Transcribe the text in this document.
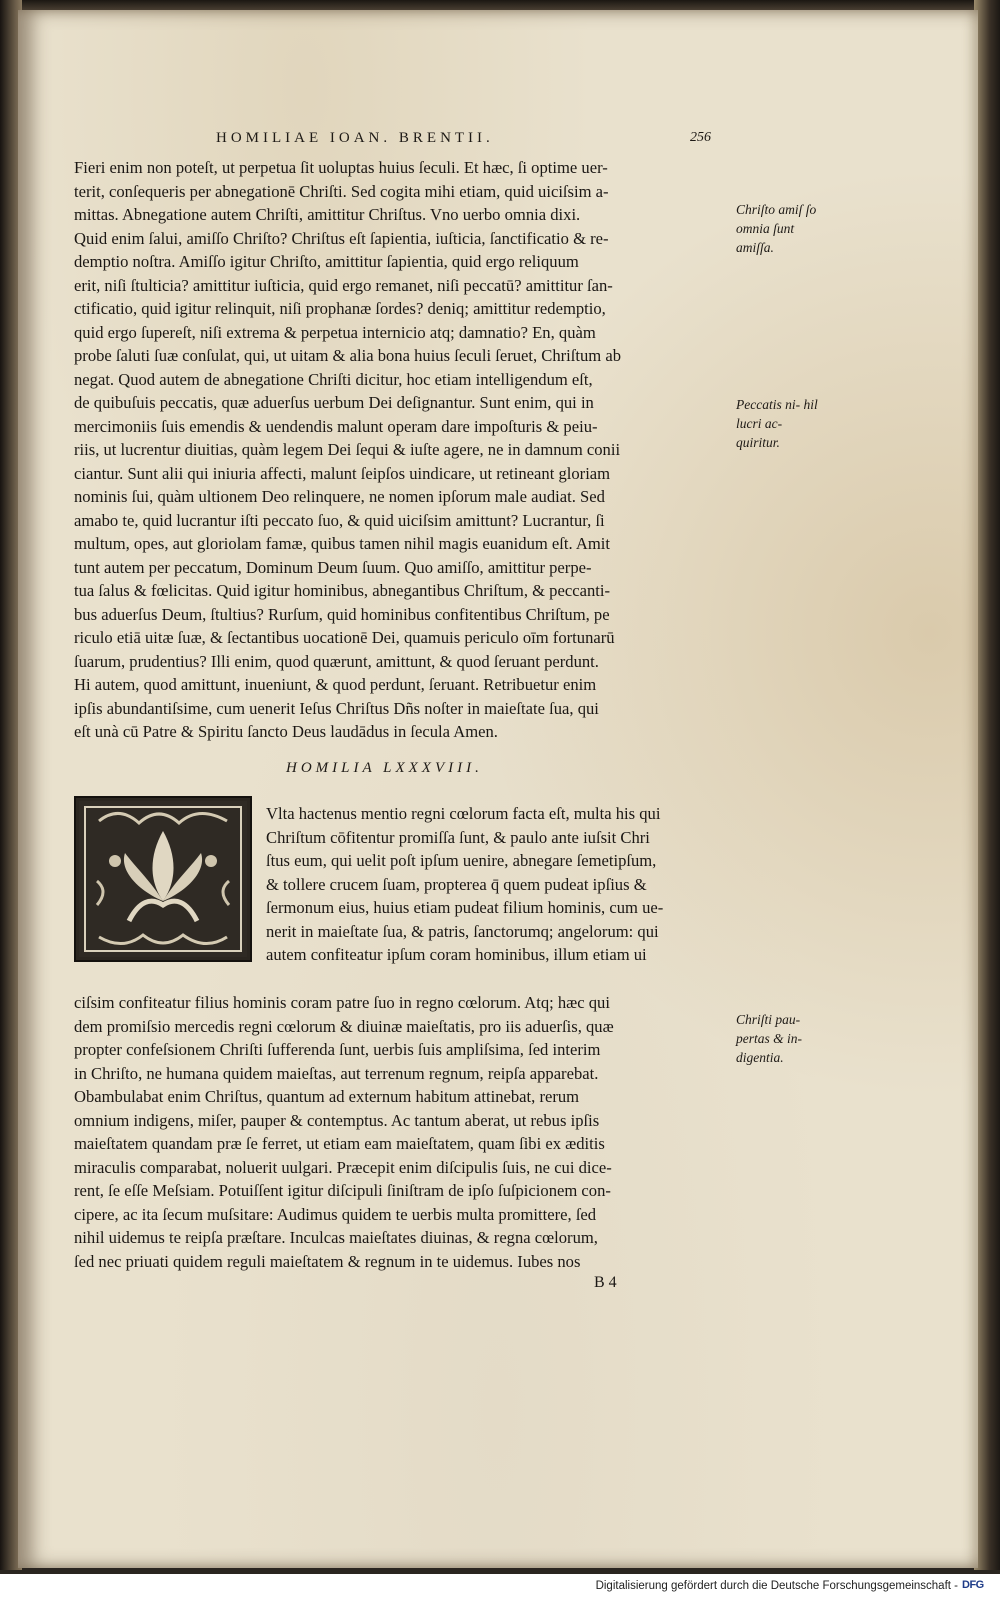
HOMILIAE IOAN. BRENTII.	256
Fieri enim non poteſt, ut perpetua ſit uoluptas huius ſeculi. Et hæc, ſi optime uer-
terit, conſequeris per abnegationē Chriſti. Sed cogita mihi etiam, quid uiciſsim a-
mittas. Abnegatione autem Chriſti, amittitur Chriſtus. Vno uerbo omnia dixi.
Quid enim ſalui, amiſſo Chriſto? Chriſtus eſt ſapientia, iuſticia, ſanctificatio & re-
demptio noſtra. Amiſſo igitur Chriſto, amittitur ſapientia, quid ergo reliquum
erit, niſi ſtulticia? amittitur iuſticia, quid ergo remanet, niſi peccatū? amittitur ſan-
ctificatio, quid igitur relinquit, niſi prophanæ ſordes? deniq; amittitur redemptio,
quid ergo ſupereſt, niſi extrema & perpetua internicio atq; damnatio? En, quàm
probe ſaluti ſuæ conſulat, qui, ut uitam & alia bona huius ſeculi ſeruet, Chriſtum ab
negat. Quod autem de abnegatione Chriſti dicitur, hoc etiam intelligendum eſt,
de quibuſuis peccatis, quæ aduerſus uerbum Dei deſignantur. Sunt enim, qui in
mercimoniis ſuis emendis & uendendis malunt operam dare impoſturis & peiu-
riis, ut lucrentur diuitias, quàm legem Dei ſequi & iuſte agere, ne in damnum conii
ciantur. Sunt alii qui iniuria affecti, malunt ſeipſos uindicare, ut retineant gloriam
nominis ſui, quàm ultionem Deo relinquere, ne nomen ipſorum male audiat. Sed
amabo te, quid lucrantur iſti peccato ſuo, & quid uiciſsim amittunt? Lucrantur, ſi
multum, opes, aut gloriolam famæ, quibus tamen nihil magis euanidum eſt. Amit
tunt autem per peccatum, Dominum Deum ſuum. Quo amiſſo, amittitur perpe-
tua ſalus & fœlicitas. Quid igitur hominibus, abnegantibus Chriſtum, & peccanti-
bus aduerſus Deum, ſtultius? Rurſum, quid hominibus confitentibus Chriſtum, pe
riculo etiā uitæ ſuæ, & ſectantibus uocationē Dei, quamuis periculo oīm fortunarū
ſuarum, prudentius? Illi enim, quod quærunt, amittunt, & quod ſeruant perdunt.
Hi autem, quod amittunt, inueniunt, & quod perdunt, ſeruant. Retribuetur enim
ipſis abundantiſsime, cum uenerit Ieſus Chriſtus Dñs noſter in maieſtate ſua, qui
eſt unà cū Patre & Spiritu ſancto Deus laudādus in ſecula Amen.
Chriſto amiſ ſo omnia ſunt amiſſa.
Peccatis ni- hil lucri ac- quiritur.
HOMILIA LXXXVIII.
Vlta hactenus mentio regni cœlorum facta eſt, multa his qui
Chriſtum cōfitentur promiſſa ſunt, & paulo ante iuſsit Chri
ſtus eum, qui uelit poſt ipſum uenire, abnegare ſemetipſum,
& tollere crucem ſuam, propterea q̄ quem pudeat ipſius &
ſermonum eius, huius etiam pudeat filium hominis, cum ue-
nerit in maieſtate ſua, & patris, ſanctorumq; angelorum: qui
autem confiteatur ipſum coram hominibus, illum etiam ui
ciſsim confiteatur filius hominis coram patre ſuo in regno cœlorum. Atq; hæc qui
dem promiſsio mercedis regni cœlorum & diuinæ maieſtatis, pro iis aduerſis, quæ
propter confeſsionem Chriſti ſufferenda ſunt, uerbis ſuis ampliſsima, ſed interim
in Chriſto, ne humana quidem maieſtas, aut terrenum regnum, reipſa apparebat.
Obambulabat enim Chriſtus, quantum ad externum habitum attinebat, rerum
omnium indigens, miſer, pauper & contemptus. Ac tantum aberat, ut rebus ipſis
maieſtatem quandam præ ſe ferret, ut etiam eam maieſtatem, quam ſibi ex æditis
miraculis comparabat, noluerit uulgari. Præcepit enim diſcipulis ſuis, ne cui dice-
rent, ſe eſſe Meſsiam. Potuiſſent igitur diſcipuli ſiniſtram de ipſo ſuſpicionem con-
cipere, ac ita ſecum muſsitare: Audimus quidem te uerbis multa promittere, ſed
nihil uidemus te reipſa præſtare. Inculcas maieſtates diuinas, & regna cœlorum,
ſed nec priuati quidem reguli maieſtatem & regnum in te uidemus. Iubes nos
Chriſti pau- pertas & in- digentia.
B 4
Digitalisierung gefördert durch die Deutsche Forschungsgemeinschaft - DFG
